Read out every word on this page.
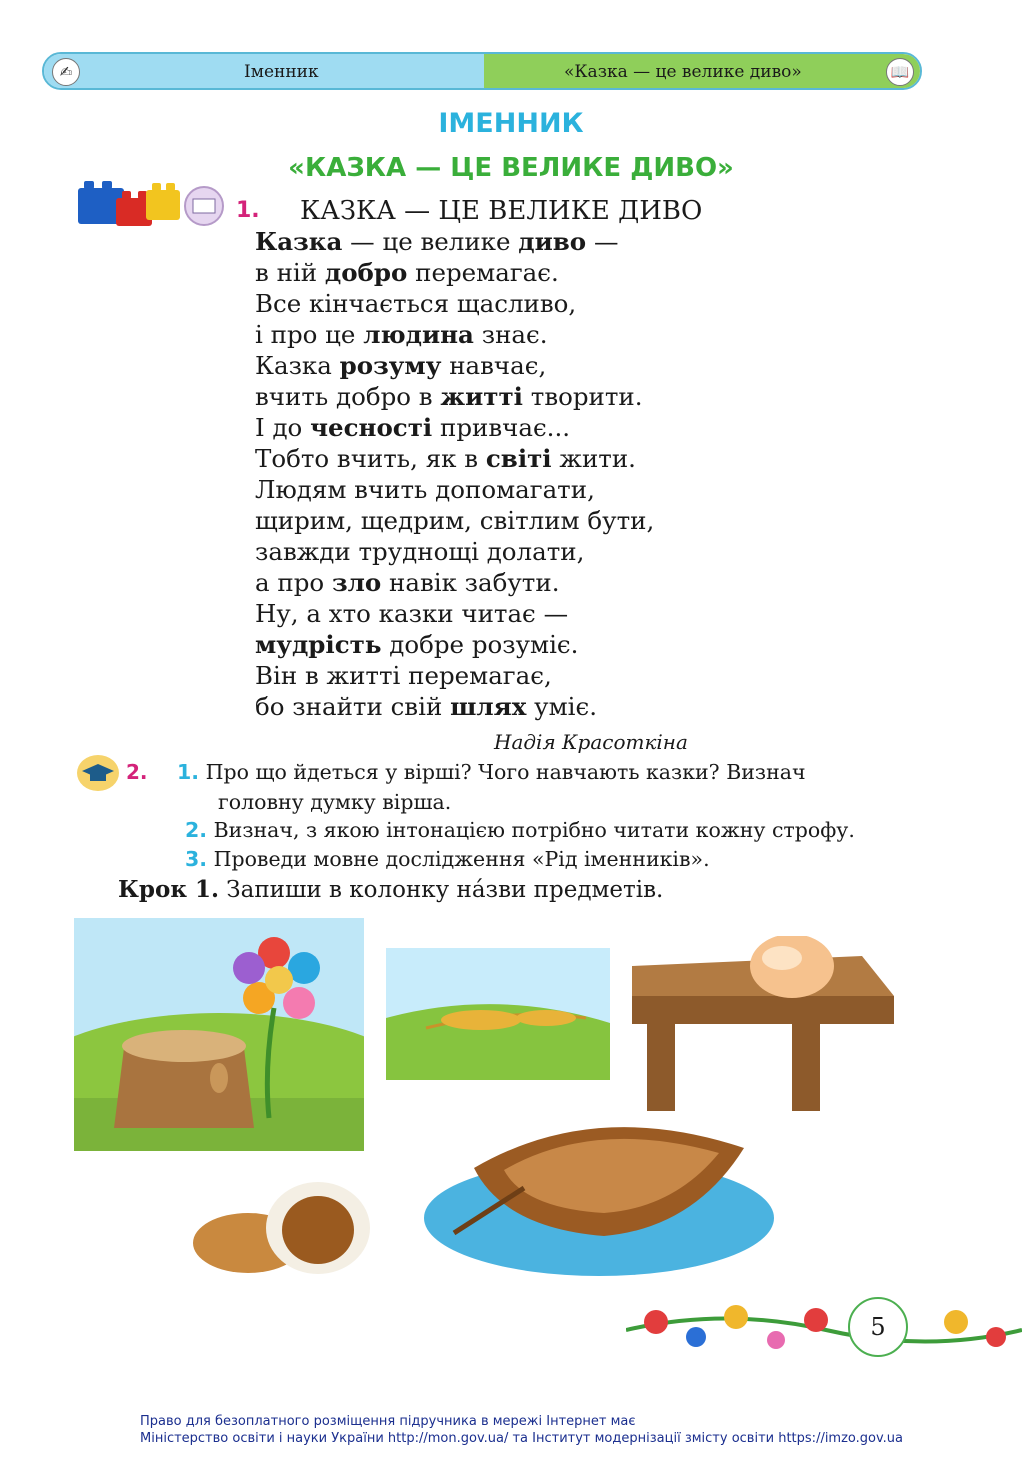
✍	Іменник	«Казка — це велике диво»	📖
ІМЕННИК
«КАЗКА — ЦЕ ВЕЛИКЕ ДИВО»
1. КАЗКА — ЦЕ ВЕЛИКЕ ДИВО
Казка — це велике диво —
в ній добро перемагає.
Все кінчається щасливо,
і про це людина знає.
Казка розуму навчає,
вчить добро в житті творити.
І до чесності привчає...
Тобто вчить, як в світі жити.
Людям вчить допомагати,
щирим, щедрим, світлим бути,
завжди труднощі долати,
а про зло навік забути.
Ну, а хто казки читає —
мудрість добре розуміє.
Він в житті перемагає,
бо знайти свій шлях уміє.
Надія Красоткіна
2. 1. Про що йдеться у вірші? Чого навчають казки? Визнач
головну думку вірша.
2. Визнач, з якою інтонацією потрібно читати кожну строфу.
3. Проведи мовне дослідження «Рід іменників».
Крок 1. Запиши в колонку на́зви предметів.
5
Право для безоплатного розміщення підручника в мережі Інтернет має
Міністерство освіти і науки України http://mon.gov.ua/ та Інститут модернізації змісту освіти https://imzo.gov.ua
